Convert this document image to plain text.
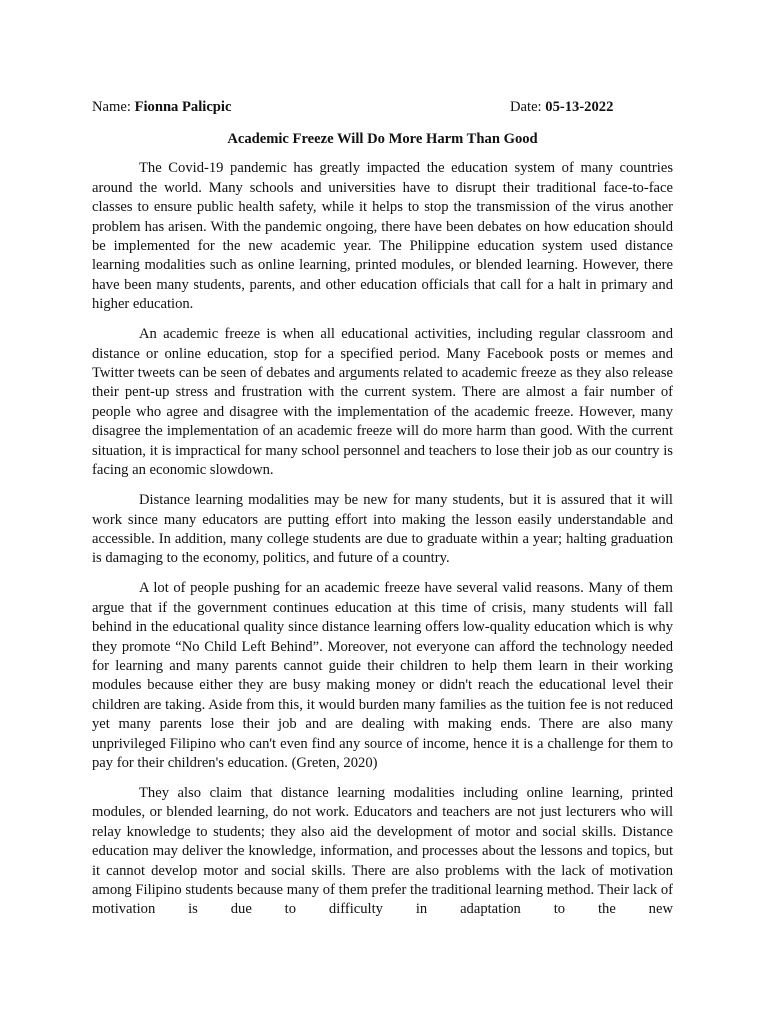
Name: Fionna Palicpic	Date: 05-13-2022
Academic Freeze Will Do More Harm Than Good

The Covid-19 pandemic has greatly impacted the education system of many countries around the world. Many schools and universities have to disrupt their traditional face-to-face classes to ensure public health safety, while it helps to stop the transmission of the virus another problem has arisen. With the pandemic ongoing, there have been debates on how education should be implemented for the new academic year. The Philippine education system used distance learning modalities such as online learning, printed modules, or blended learning. However, there have been many students, parents, and other education officials that call for a halt in primary and higher education.

An academic freeze is when all educational activities, including regular classroom and distance or online education, stop for a specified period. Many Facebook posts or memes and Twitter tweets can be seen of debates and arguments related to academic freeze as they also release their pent-up stress and frustration with the current system. There are almost a fair number of people who agree and disagree with the implementation of the academic freeze. However, many disagree the implementation of an academic freeze will do more harm than good. With the current situation, it is impractical for many school personnel and teachers to lose their job as our country is facing an economic slowdown.

Distance learning modalities may be new for many students, but it is assured that it will work since many educators are putting effort into making the lesson easily understandable and accessible. In addition, many college students are due to graduate within a year; halting graduation is damaging to the economy, politics, and future of a country.

A lot of people pushing for an academic freeze have several valid reasons. Many of them argue that if the government continues education at this time of crisis, many students will fall behind in the educational quality since distance learning offers low-quality education which is why they promote “No Child Left Behind”. Moreover, not everyone can afford the technology needed for learning and many parents cannot guide their children to help them learn in their working modules because either they are busy making money or didn't reach the educational level their children are taking. Aside from this, it would burden many families as the tuition fee is not reduced yet many parents lose their job and are dealing with making ends. There are also many unprivileged Filipino who can't even find any source of income, hence it is a challenge for them to pay for their children's education. (Greten, 2020)

They also claim that distance learning modalities including online learning, printed modules, or blended learning, do not work. Educators and teachers are not just lecturers who will relay knowledge to students; they also aid the development of motor and social skills. Distance education may deliver the knowledge, information, and processes about the lessons and topics, but it cannot develop motor and social skills. There are also problems with the lack of motivation among Filipino students because many of them prefer the traditional learning method. Their lack of motivation is due to difficulty in adaptation to the new
